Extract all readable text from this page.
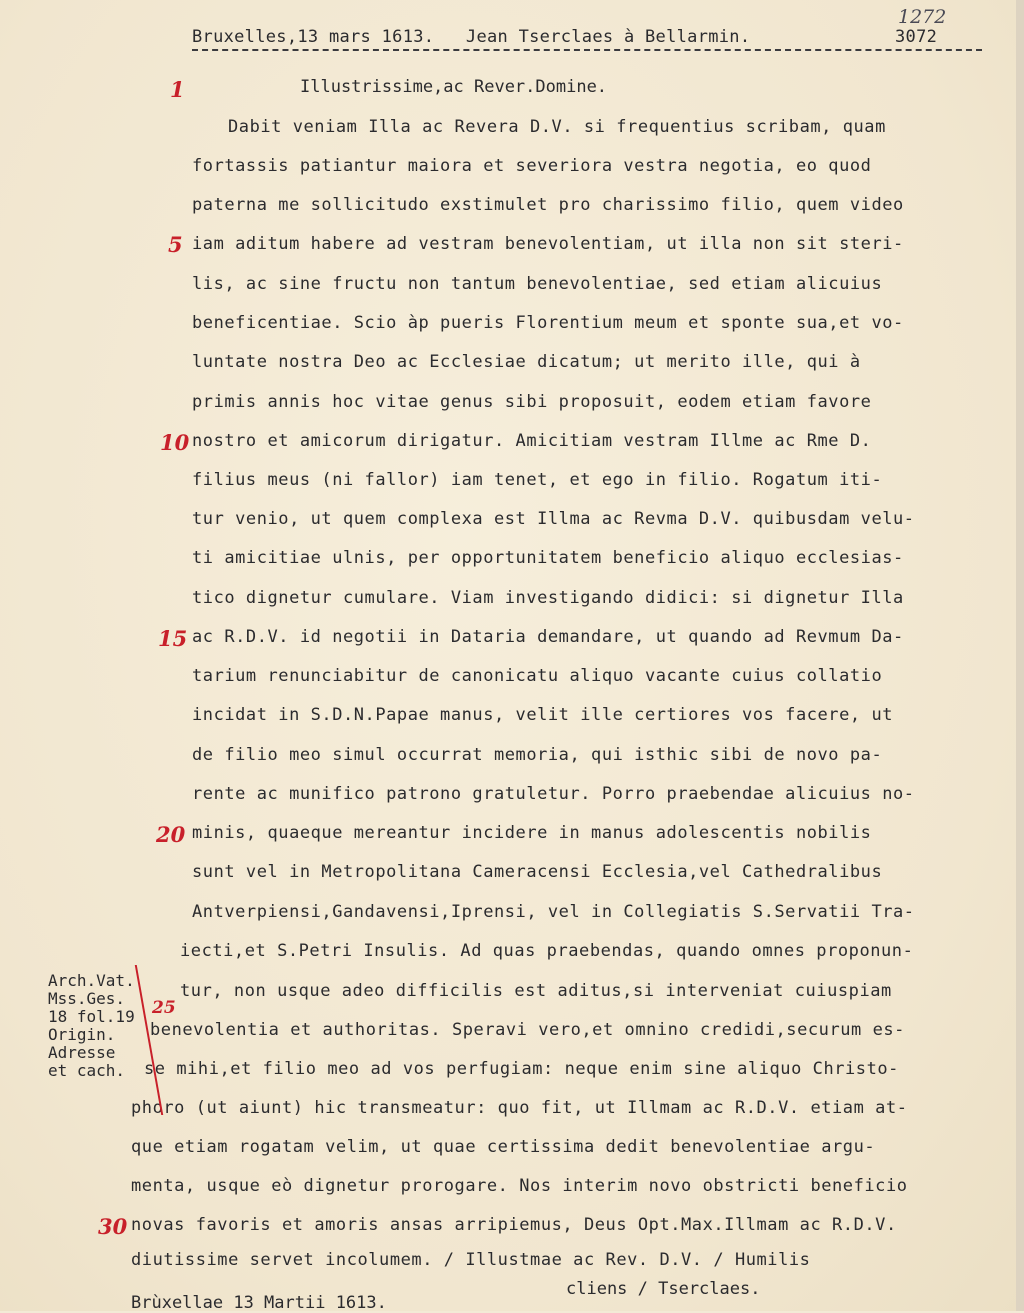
1272
Bruxelles,13 mars 1613. Jean Tserclaes à Bellarmin.	3072
1
5
10
15
20
25
30
Illustrissime,ac Rever.Domine.
Dabit veniam Illa ac Revera D.V. si frequentius scribam, quam
fortassis patiantur maiora et severiora vestra negotia, eo quod
paterna me sollicitudo exstimulet pro charissimo filio, quem video
iam aditum habere ad vestram benevolentiam, ut illa non sit steri-
lis, ac sine fructu non tantum benevolentiae, sed etiam alicuius
beneficentiae. Scio àp pueris Florentium meum et sponte sua,et vo-
luntate nostra Deo ac Ecclesiae dicatum; ut merito ille, qui à
primis annis hoc vitae genus sibi proposuit, eodem etiam favore
nostro et amicorum dirigatur. Amicitiam vestram Illme ac Rme D.
filius meus (ni fallor) iam tenet, et ego in filio. Rogatum iti-
tur venio, ut quem complexa est Illma ac Revma D.V. quibusdam velu-
ti amicitiae ulnis, per opportunitatem beneficio aliquo ecclesias-
tico dignetur cumulare. Viam investigando didici: si dignetur Illa
ac R.D.V. id negotii in Dataria demandare, ut quando ad Revmum Da-
tarium renunciabitur de canonicatu aliquo vacante cuius collatio
incidat in S.D.N.Papae manus, velit ille certiores vos facere, ut
de filio meo simul occurrat memoria, qui isthic sibi de novo pa-
rente ac munifico patrono gratuletur. Porro praebendae alicuius no-
minis, quaeque mereantur incidere in manus adolescentis nobilis
sunt vel in Metropolitana Cameracensi Ecclesia,vel Cathedralibus
Antverpiensi,Gandavensi,Iprensi, vel in Collegiatis S.Servatii Tra-
iecti,et S.Petri Insulis. Ad quas praebendas, quando omnes proponun-
tur, non usque adeo difficilis est aditus,si interveniat cuiuspiam
benevolentia et authoritas. Speravi vero,et omnino credidi,securum es-
se mihi,et filio meo ad vos perfugiam: neque enim sine aliquo Christo-
phoro (ut aiunt) hic transmeatur: quo fit, ut Illmam ac R.D.V. etiam at-
que etiam rogatam velim, ut quae certissima dedit benevolentiae argu-
menta, usque eò dignetur prorogare. Nos interim novo obstricti beneficio
novas favoris et amoris ansas arripiemus, Deus Opt.Max.Illmam ac R.D.V.
diutissime servet incolumem. / Illustmae ac Rev. D.V. / Humilis
cliens / Tserclaes.
Brùxellae 13 Martii 1613.
Arch.Vat.
Mss.Ges.
18 fol.19
Origin.
Adresse
et cach.
